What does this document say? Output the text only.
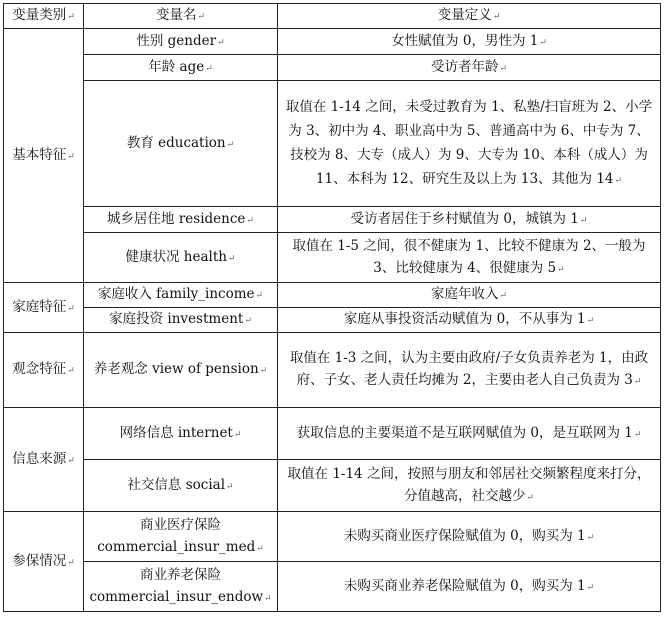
变量类别↵	变量名↵	变量定义↵
基本特征↵	性别 gender↵	女性赋值为 0，男性为 1↵
	年龄 age↵	受访者年龄↵
	教育 education↵	取值在 1-14 之间，未受过教育为 1、私塾/扫盲班为 2、小学为 3、初中为 4、职业高中为 5、普通高中为 6、中专为 7、技校为 8、大专（成人）为 9、大专为 10、本科（成人）为 11、本科为 12、研究生及以上为 13、其他为 14↵
	城乡居住地 residence↵	受访者居住于乡村赋值为 0，城镇为 1↵
	健康状况 health↵	取值在 1-5 之间，很不健康为 1、比较不健康为 2、一般为 3、比较健康为 4、很健康为 5↵
家庭特征↵	家庭收入 family_income↵	家庭年收入↵
	家庭投资 investment↵	家庭从事投资活动赋值为 0，不从事为 1↵
观念特征↵	养老观念 view of pension↵	取值在 1-3 之间，认为主要由政府/子女负责养老为 1，由政府、子女、老人责任均摊为 2，主要由老人自己负责为 3↵
信息来源↵	网络信息 internet↵	获取信息的主要渠道不是互联网赋值为 0，是互联网为 1↵
	社交信息 social↵	取值在 1-14 之间，按照与朋友和邻居社交频繁程度来打分，分值越高，社交越少↵
参保情况↵	商业医疗保险 commercial_insur_med↵	未购买商业医疗保险赋值为 0，购买为 1↵
	商业养老保险 commercial_insur_endow↵	未购买商业养老保险赋值为 0，购买为 1↵
